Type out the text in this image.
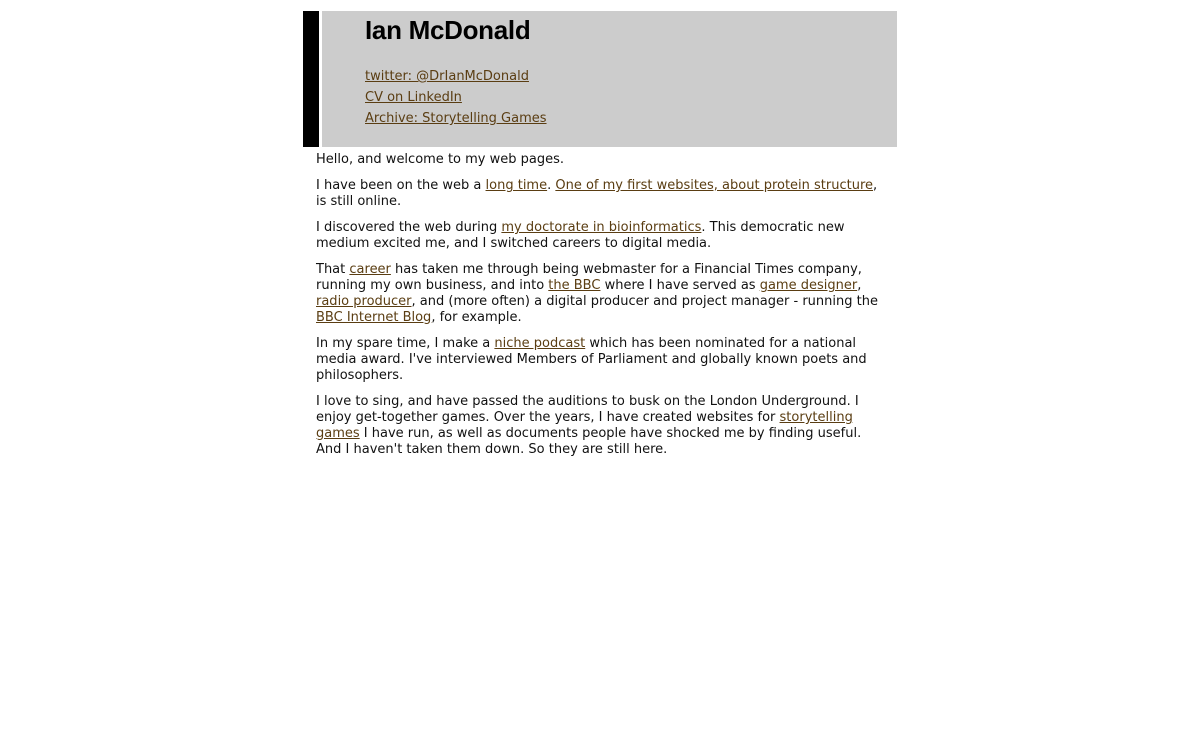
Ian McDonald
twitter: @DrIanMcDonald
CV on LinkedIn
Archive: Storytelling Games

Hello, and welcome to my web pages.

I have been on the web a long time. One of my first websites, about protein structure, is still online.

I discovered the web during my doctorate in bioinformatics. This democratic new medium excited me, and I switched careers to digital media.

That career has taken me through being webmaster for a Financial Times company, running my own business, and into the BBC where I have served as game designer, radio producer, and (more often) a digital producer and project manager - running the BBC Internet Blog, for example.

In my spare time, I make a niche podcast which has been nominated for a national media award. I've interviewed Members of Parliament and globally known poets and philosophers.

I love to sing, and have passed the auditions to busk on the London Underground. I enjoy get-together games. Over the years, I have created websites for storytelling games I have run, as well as documents people have shocked me by finding useful. And I haven't taken them down. So they are still here.
